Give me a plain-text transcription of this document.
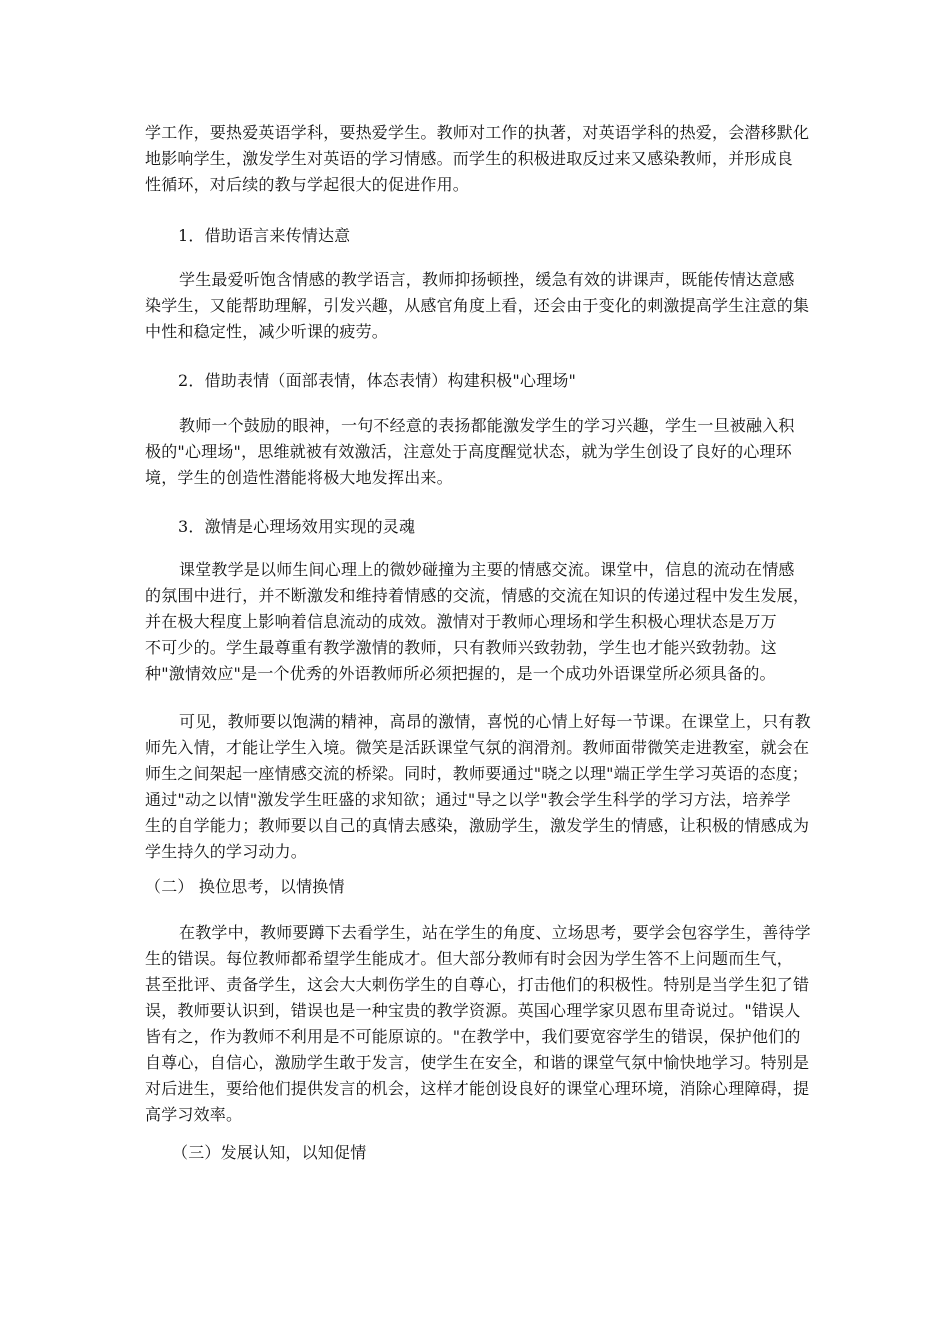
学工作，要热爱英语学科，要热爱学生。教师对工作的执著，对英语学科的热爱，会潜移默化
地影响学生，激发学生对英语的学习情感。而学生的积极进取反过来又感染教师，并形成良
性循环，对后续的教与学起很大的促进作用。

1．借助语言来传情达意

学生最爱听饱含情感的教学语言，教师抑扬顿挫，缓急有效的讲课声，既能传情达意感
染学生，又能帮助理解，引发兴趣，从感官角度上看，还会由于变化的刺激提高学生注意的集
中性和稳定性，减少听课的疲劳。

2．借助表情（面部表情，体态表情）构建积极"心理场"

教师一个鼓励的眼神，一句不经意的表扬都能激发学生的学习兴趣，学生一旦被融入积
极的"心理场"，思维就被有效激活，注意处于高度醒觉状态，就为学生创设了良好的心理环
境，学生的创造性潜能将极大地发挥出来。

3．激情是心理场效用实现的灵魂

课堂教学是以师生间心理上的微妙碰撞为主要的情感交流。课堂中，信息的流动在情感
的氛围中进行，并不断激发和维持着情感的交流，情感的交流在知识的传递过程中发生发展，
并在极大程度上影响着信息流动的成效。激情对于教师心理场和学生积极心理状态是万万
不可少的。学生最尊重有教学激情的教师，只有教师兴致勃勃，学生也才能兴致勃勃。这
种"激情效应"是一个优秀的外语教师所必须把握的，是一个成功外语课堂所必须具备的。

可见，教师要以饱满的精神，高昂的激情，喜悦的心情上好每一节课。在课堂上，只有教
师先入情，才能让学生入境。微笑是活跃课堂气氛的润滑剂。教师面带微笑走进教室，就会在
师生之间架起一座情感交流的桥梁。同时，教师要通过"晓之以理"端正学生学习英语的态度；
通过"动之以情"激发学生旺盛的求知欲；通过"导之以学"教会学生科学的学习方法，培养学
生的自学能力；教师要以自己的真情去感染，激励学生，激发学生的情感，让积极的情感成为
学生持久的学习动力。

（二） 换位思考，以情换情

在教学中，教师要蹲下去看学生，站在学生的角度、立场思考，要学会包容学生，善待学
生的错误。每位教师都希望学生能成才。但大部分教师有时会因为学生答不上问题而生气，
甚至批评、责备学生，这会大大刺伤学生的自尊心，打击他们的积极性。特别是当学生犯了错
误，教师要认识到，错误也是一种宝贵的教学资源。英国心理学家贝恩布里奇说过。"错误人
皆有之，作为教师不利用是不可能原谅的。"在教学中，我们要宽容学生的错误，保护他们的
自尊心，自信心，激励学生敢于发言，使学生在安全，和谐的课堂气氛中愉快地学习。特别是
对后进生，要给他们提供发言的机会，这样才能创设良好的课堂心理环境，消除心理障碍，提
高学习效率。

（三）发展认知，以知促情
